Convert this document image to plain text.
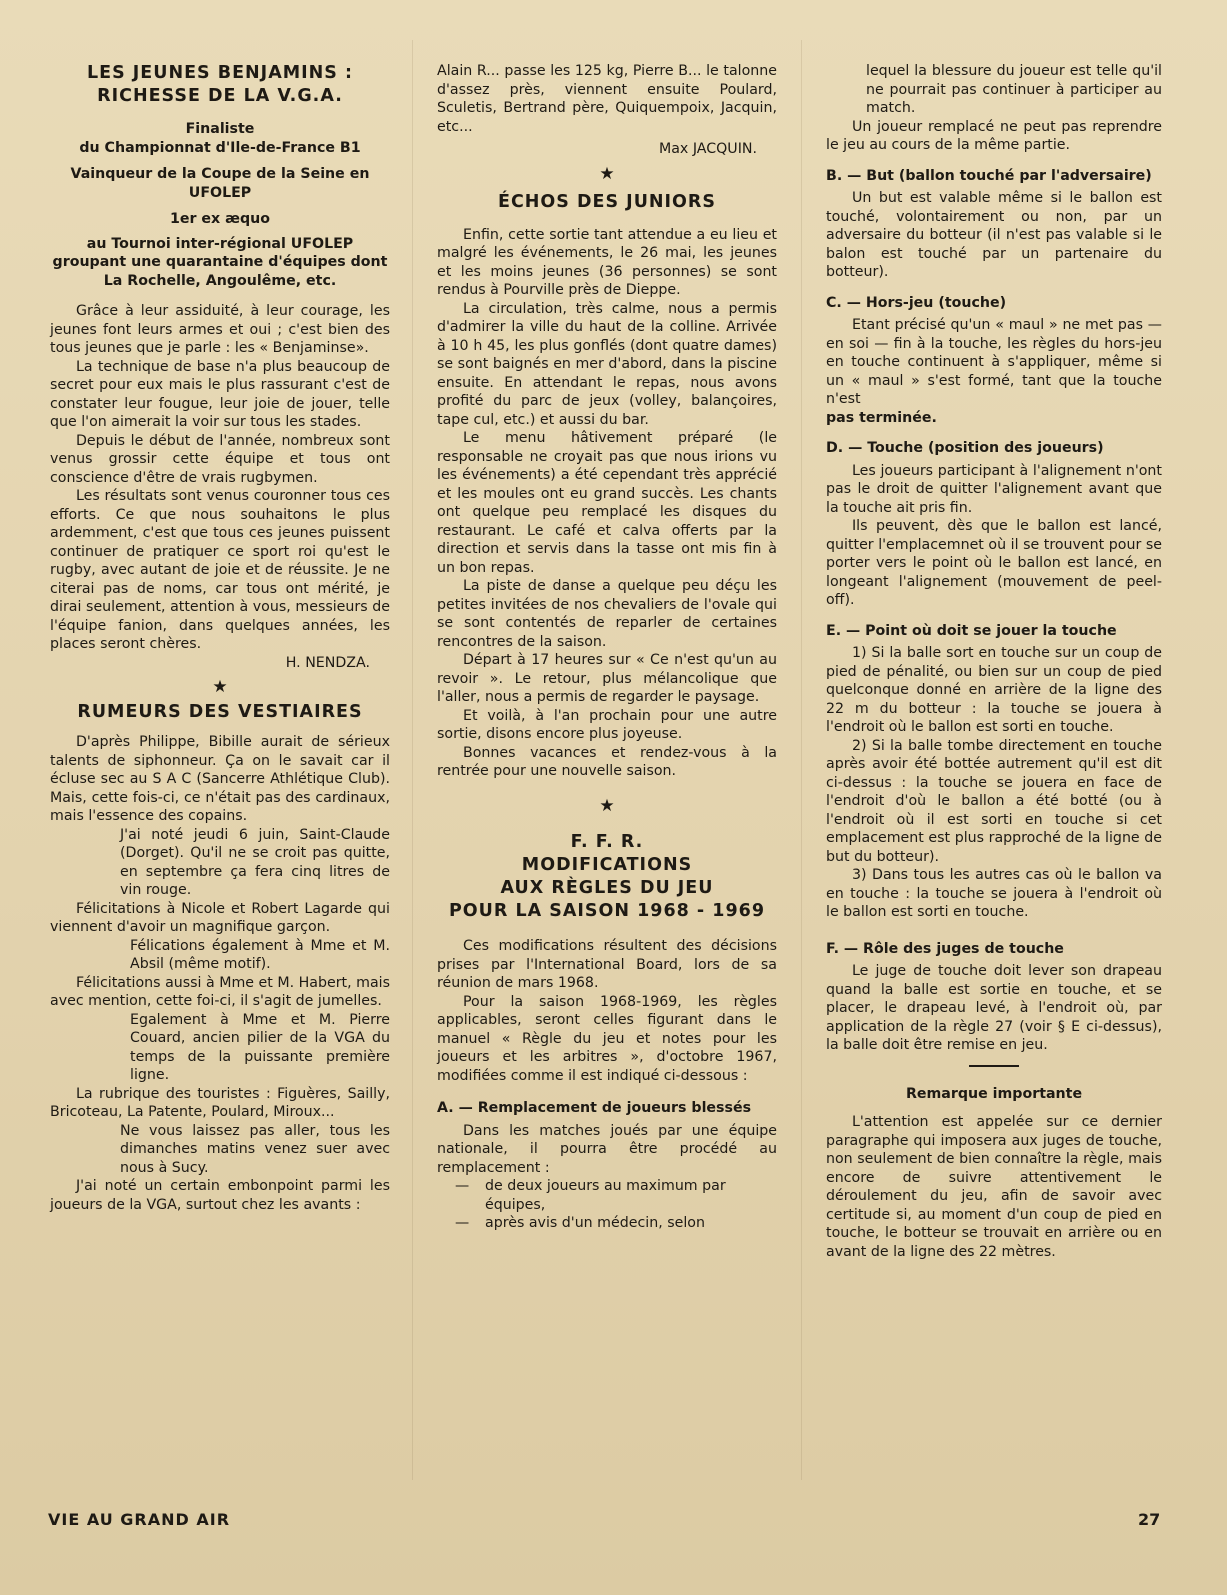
LES JEUNES BENJAMINS :
RICHESSE DE LA V.G.A.
Finaliste
du Championnat d'Ile-de-France B1
Vainqueur de la Coupe de la Seine en UFOLEP
1er ex æquo
au Tournoi inter-régional UFOLEP groupant une quarantaine d'équipes dont La Rochelle, Angoulême, etc.

Grâce à leur assiduité, à leur courage, les jeunes font leurs armes et oui ; c'est bien des tous jeunes que je parle : les « Benjaminse».

La technique de base n'a plus beaucoup de secret pour eux mais le plus rassurant c'est de constater leur fougue, leur joie de jouer, telle que l'on aimerait la voir sur tous les stades.

Depuis le début de l'année, nombreux sont venus grossir cette équipe et tous ont conscience d'être de vrais rugbymen.

Les résultats sont venus couronner tous ces efforts. Ce que nous souhaitons le plus ardemment, c'est que tous ces jeunes puissent continuer de pratiquer ce sport roi qu'est le rugby, avec autant de joie et de réussite. Je ne citerai pas de noms, car tous ont mérité, je dirai seulement, attention à vous, messieurs de l'équipe fanion, dans quelques années, les places seront chères.

H. NENDZA.
★
RUMEURS DES VESTIAIRES

D'après Philippe, Bibille aurait de sérieux talents de siphonneur. Ça on le savait car il écluse sec au S A C (Sancerre Athlétique Club). Mais, cette fois-ci, ce n'était pas des cardinaux, mais l'essence des copains.

J'ai noté jeudi 6 juin, Saint-Claude (Dorget). Qu'il ne se croit pas quitte, en septembre ça fera cinq litres de vin rouge.

Félicitations à Nicole et Robert Lagarde qui viennent d'avoir un magnifique garçon.

Félications également à Mme et M. Absil (même motif).

Félicitations aussi à Mme et M. Habert, mais avec mention, cette foi-ci, il s'agit de jumelles.

Egalement à Mme et M. Pierre Couard, ancien pilier de la VGA du temps de la puissante première ligne.

La rubrique des touristes : Figuères, Sailly, Bricoteau, La Patente, Poulard, Miroux...

Ne vous laissez pas aller, tous les dimanches matins venez suer avec nous à Sucy.

J'ai noté un certain embonpoint parmi les joueurs de la VGA, surtout chez les avants :

Alain R... passe les 125 kg, Pierre B... le talonne d'assez près, viennent ensuite Poulard, Sculetis, Bertrand père, Quiquempoix, Jacquin, etc...

Max JACQUIN.
★
ÉCHOS DES JUNIORS

Enfin, cette sortie tant attendue a eu lieu et malgré les événements, le 26 mai, les jeunes et les moins jeunes (36 personnes) se sont rendus à Pourville près de Dieppe.

La circulation, très calme, nous a permis d'admirer la ville du haut de la colline. Arrivée à 10 h 45, les plus gonflés (dont quatre dames) se sont baignés en mer d'abord, dans la piscine ensuite. En attendant le repas, nous avons profité du parc de jeux (volley, balançoires, tape cul, etc.) et aussi du bar.

Le menu hâtivement préparé (le responsable ne croyait pas que nous irions vu les événements) a été cependant très apprécié et les moules ont eu grand succès. Les chants ont quelque peu remplacé les disques du restaurant. Le café et calva offerts par la direction et servis dans la tasse ont mis fin à un bon repas.

La piste de danse a quelque peu déçu les petites invitées de nos chevaliers de l'ovale qui se sont contentés de reparler de certaines rencontres de la saison.

Départ à 17 heures sur « Ce n'est qu'un au revoir ». Le retour, plus mélancolique que l'aller, nous a permis de regarder le paysage.

Et voilà, à l'an prochain pour une autre sortie, disons encore plus joyeuse.

Bonnes vacances et rendez-vous à la rentrée pour une nouvelle saison.

★
F. F. R.
MODIFICATIONS
AUX RÈGLES DU JEU
POUR LA SAISON 1968 - 1969

Ces modifications résultent des décisions prises par l'International Board, lors de sa réunion de mars 1968.

Pour la saison 1968-1969, les règles applicables, seront celles figurant dans le manuel « Règle du jeu et notes pour les joueurs et les arbitres », d'octobre 1967, modifiées comme il est indiqué ci-dessous :

A. — Remplacement de joueurs blessés

Dans les matches joués par une équipe nationale, il pourra être procédé au remplacement :

—	de deux joueurs au maximum par équipes,
—	après avis d'un médecin, selon

lequel la blessure du joueur est telle qu'il ne pourrait pas continuer à participer au match.

Un joueur remplacé ne peut pas reprendre le jeu au cours de la même partie.

B. — But (ballon touché par l'adversaire)

Un but est valable même si le ballon est touché, volontairement ou non, par un adversaire du botteur (il n'est pas valable si le balon est touché par un partenaire du botteur).

C. — Hors-jeu (touche)

Etant précisé qu'un « maul » ne met pas — en soi — fin à la touche, les règles du hors-jeu en touche continuent à s'appliquer, même si un « maul » s'est formé, tant que la touche n'est

pas terminée.
D. — Touche (position des joueurs)

Les joueurs participant à l'alignement n'ont pas le droit de quitter l'alignement avant que la touche ait pris fin.

Ils peuvent, dès que le ballon est lancé, quitter l'emplacemnet où il se trouvent pour se porter vers le point où le ballon est lancé, en longeant l'alignement (mouvement de peel-off).

E. — Point où doit se jouer la touche

1) Si la balle sort en touche sur un coup de pied de pénalité, ou bien sur un coup de pied quelconque donné en arrière de la ligne des 22 m du botteur : la touche se jouera à l'endroit où le ballon est sorti en touche.

2) Si la balle tombe directement en touche après avoir été bottée autrement qu'il est dit ci-dessus : la touche se jouera en face de l'endroit d'où le ballon a été botté (ou à l'endroit où il est sorti en touche si cet emplacement est plus rapproché de la ligne de but du botteur).

3) Dans tous les autres cas où le ballon va en touche : la touche se jouera à l'endroit où le ballon est sorti en touche.

F. — Rôle des juges de touche

Le juge de touche doit lever son drapeau quand la balle est sortie en touche, et se placer, le drapeau levé, à l'endroit où, par application de la règle 27 (voir § E ci-dessus), la balle doit être remise en jeu.

Remarque importante

L'attention est appelée sur ce dernier paragraphe qui imposera aux juges de touche, non seulement de bien connaître la règle, mais encore de suivre attentivement le déroulement du jeu, afin de savoir avec certitude si, au moment d'un coup de pied en touche, le botteur se trouvait en arrière ou en avant de la ligne des 22 mètres.

VIE AU GRAND AIR	27
